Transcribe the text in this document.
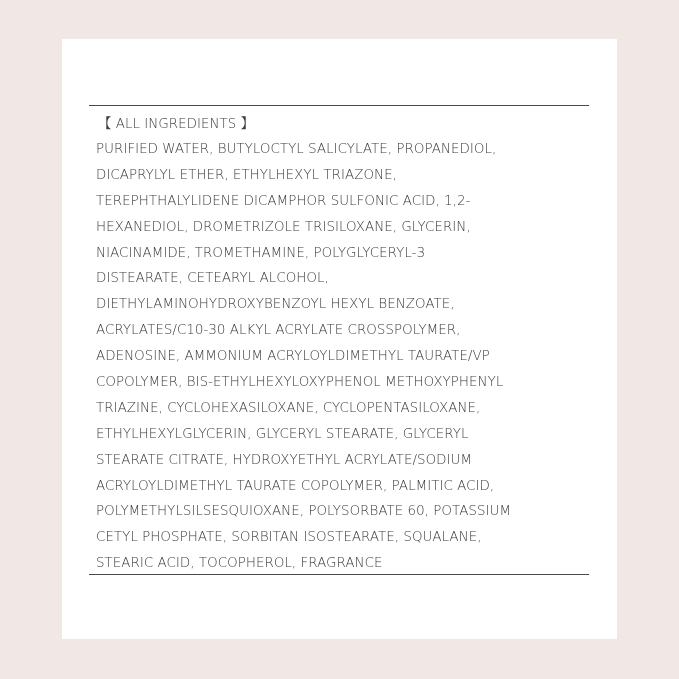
【 ALL INGREDIENTS 】
PURIFIED WATER, BUTYLOCTYL SALICYLATE, PROPANEDIOL,
DICAPRYLYL ETHER, ETHYLHEXYL TRIAZONE,
TEREPHTHALYLIDENE DICAMPHOR SULFONIC ACID, 1,2-
HEXANEDIOL, DROMETRIZOLE TRISILOXANE, GLYCERIN,
NIACINAMIDE, TROMETHAMINE, POLYGLYCERYL-3
DISTEARATE, CETEARYL ALCOHOL,
DIETHYLAMINOHYDROXYBENZOYL HEXYL BENZOATE,
ACRYLATES/C10-30 ALKYL ACRYLATE CROSSPOLYMER,
ADENOSINE, AMMONIUM ACRYLOYLDIMETHYL TAURATE/VP
COPOLYMER, BIS-ETHYLHEXYLOXYPHENOL METHOXYPHENYL
TRIAZINE, CYCLOHEXASILOXANE, CYCLOPENTASILOXANE,
ETHYLHEXYLGLYCERIN, GLYCERYL STEARATE, GLYCERYL
STEARATE CITRATE, HYDROXYETHYL ACRYLATE/SODIUM
ACRYLOYLDIMETHYL TAURATE COPOLYMER, PALMITIC ACID,
POLYMETHYLSILSESQUIOXANE, POLYSORBATE 60, POTASSIUM
CETYL PHOSPHATE, SORBITAN ISOSTEARATE, SQUALANE,
STEARIC ACID, TOCOPHEROL, FRAGRANCE
